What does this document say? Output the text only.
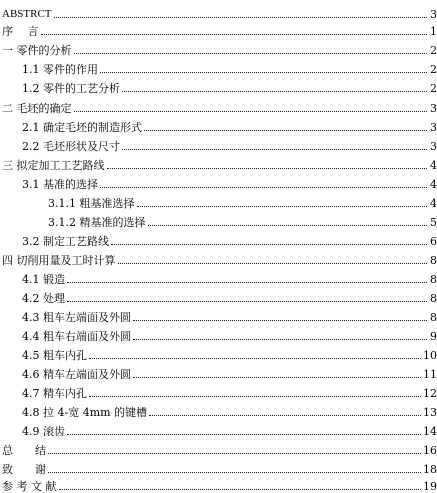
ABSTRCT	3
序　 言	1
一 零件的分析	2
1.1 零件的作用	2
1.2 零件的工艺分析	2
二 毛坯的确定	3
2.1 确定毛坯的制造形式	3
2.2 毛坯形状及尺寸	3
三 拟定加工工艺路线	4
3.1 基准的选择	4
3.1.1 粗基准选择	4
3.1.2 精基准的选择	5
3.2 制定工艺路线	6
四 切削用量及工时计算	8
4.1 锻造	8
4.2 处理	8
4.3 粗车左端面及外圆	8
4.4 粗车右端面及外圆	9
4.5 粗车内孔	10
4.6 精车左端面及外圆	11
4.7 精车内孔	12
4.8 拉 4-宽 4mm 的键槽	13
4.9 滚齿	14
总　　结	16
致　　谢	18
参 考 文 献	19
